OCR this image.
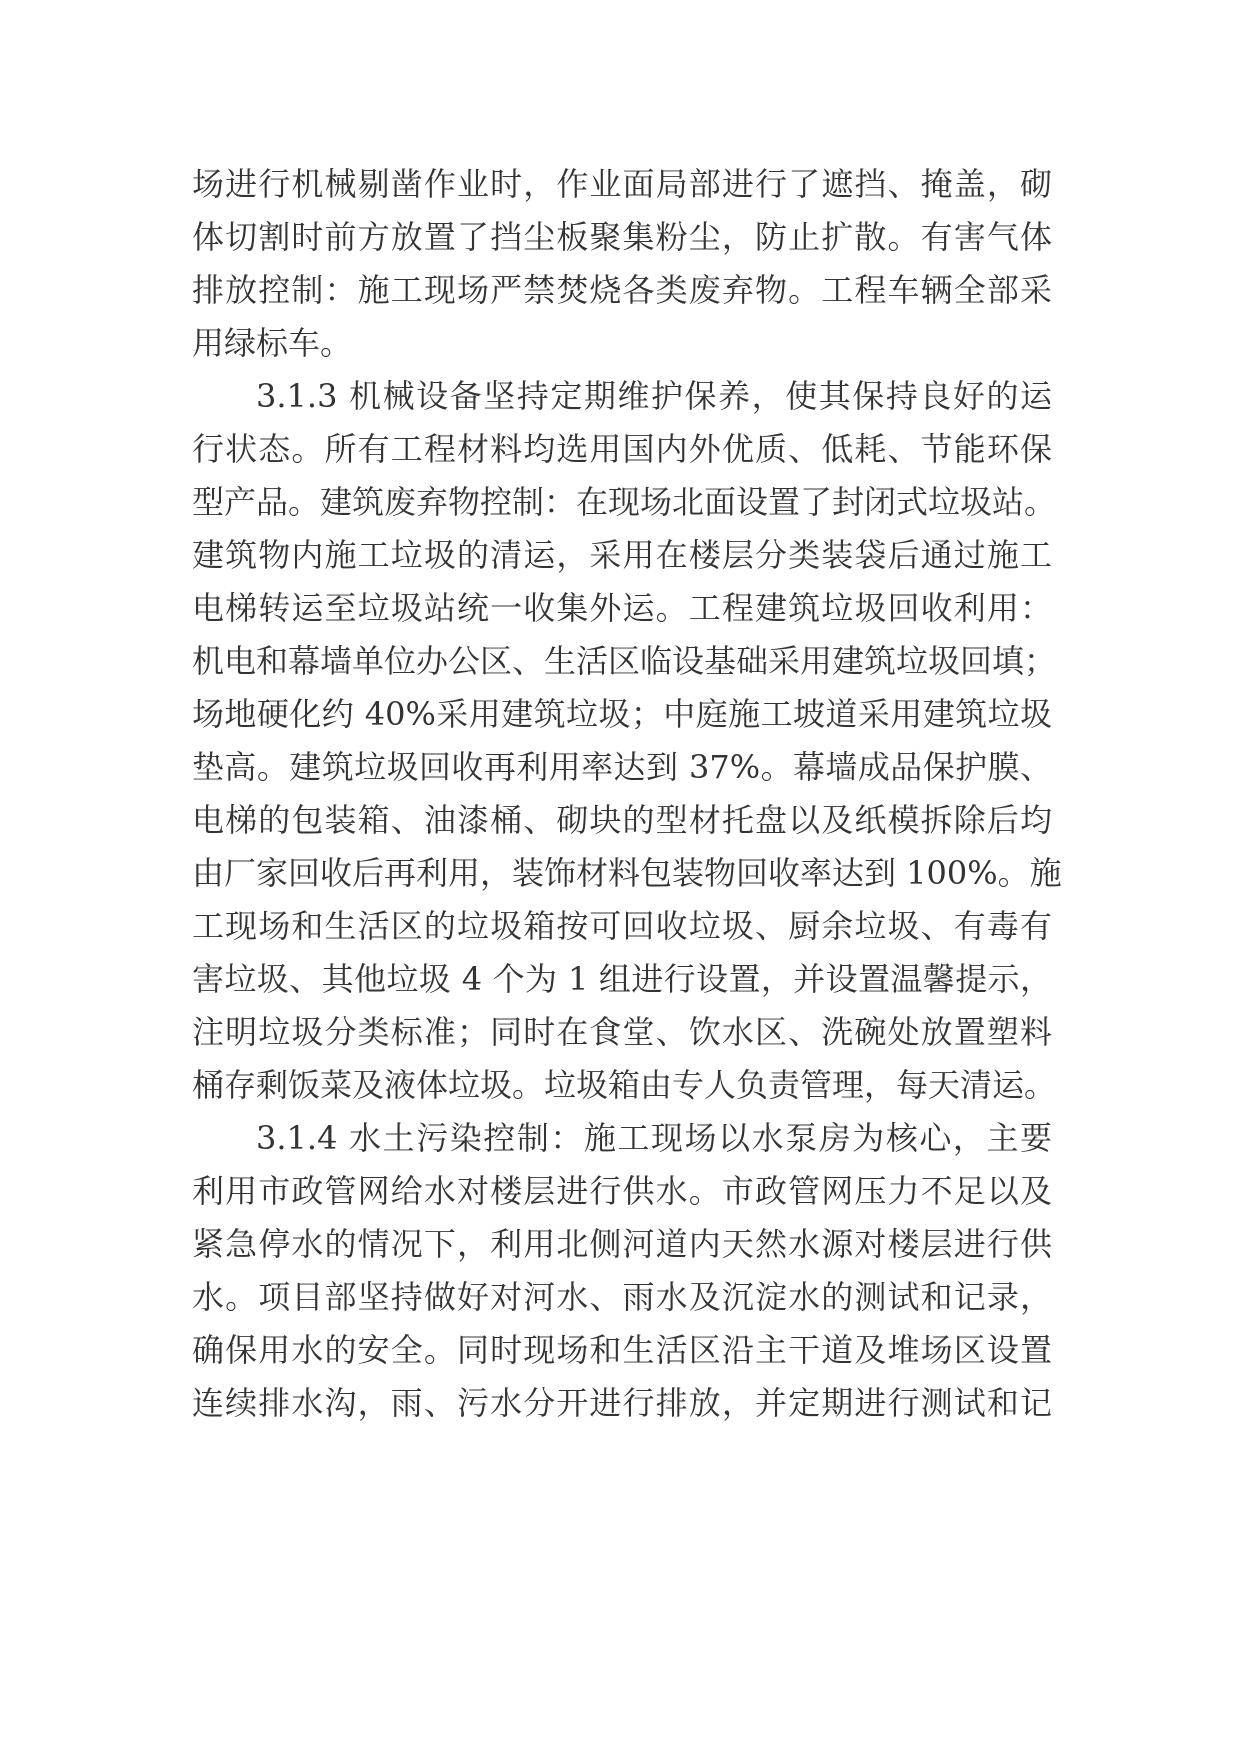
场进行机械剔凿作业时，作业面局部进行了遮挡、掩盖，砌
体切割时前方放置了挡尘板聚集粉尘，防止扩散。有害气体
排放控制：施工现场严禁焚烧各类废弃物。工程车辆全部采
用绿标车。
3.1.3 机械设备坚持定期维护保养，使其保持良好的运
行状态。所有工程材料均选用国内外优质、低耗、节能环保
型产品。建筑废弃物控制：在现场北面设置了封闭式垃圾站。
建筑物内施工垃圾的清运，采用在楼层分类装袋后通过施工
电梯转运至垃圾站统一收集外运。工程建筑垃圾回收利用：
机电和幕墙单位办公区、生活区临设基础采用建筑垃圾回填；
场地硬化约 40%采用建筑垃圾；中庭施工坡道采用建筑垃圾
垫高。建筑垃圾回收再利用率达到 37%。幕墙成品保护膜、
电梯的包装箱、油漆桶、砌块的型材托盘以及纸模拆除后均
由厂家回收后再利用，装饰材料包装物回收率达到 100%。施
工现场和生活区的垃圾箱按可回收垃圾、厨余垃圾、有毒有
害垃圾、其他垃圾 4 个为 1 组进行设置，并设置温馨提示，
注明垃圾分类标准；同时在食堂、饮水区、洗碗处放置塑料
桶存剩饭菜及液体垃圾。垃圾箱由专人负责管理，每天清运。
3.1.4 水土污染控制：施工现场以水泵房为核心，主要
利用市政管网给水对楼层进行供水。市政管网压力不足以及
紧急停水的情况下，利用北侧河道内天然水源对楼层进行供
水。项目部坚持做好对河水、雨水及沉淀水的测试和记录，
确保用水的安全。同时现场和生活区沿主干道及堆场区设置
连续排水沟，雨、污水分开进行排放，并定期进行测试和记
